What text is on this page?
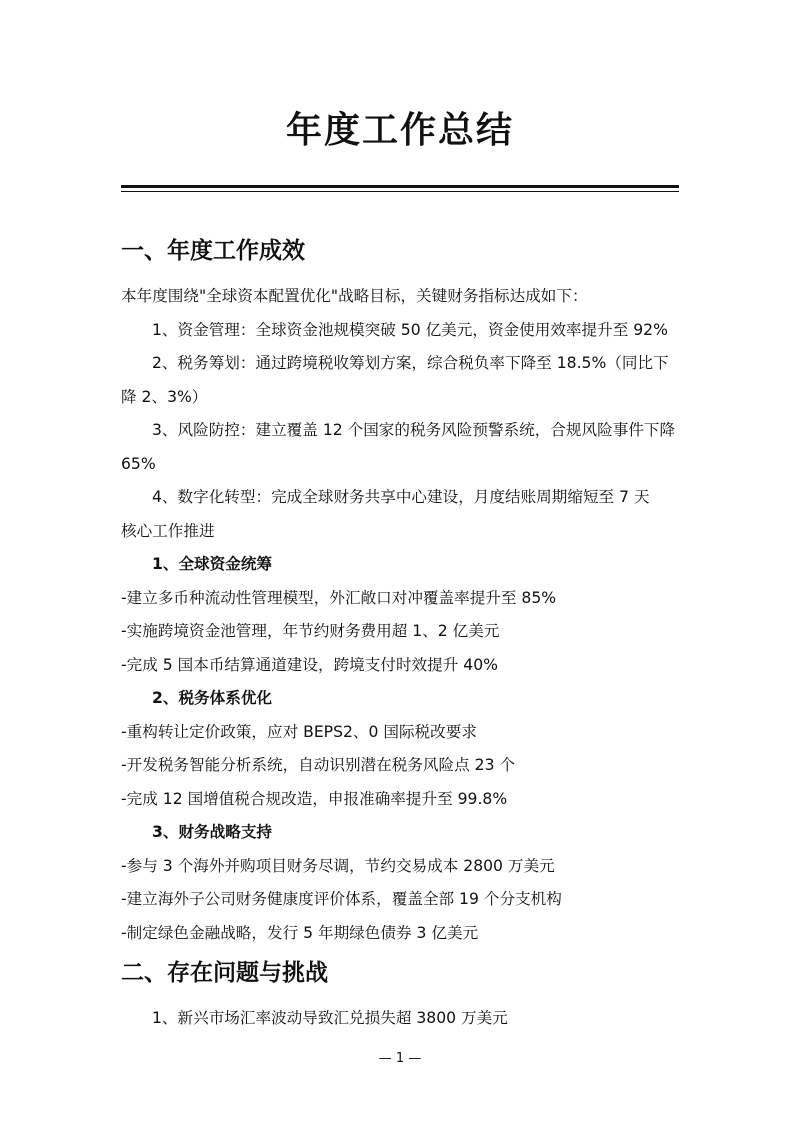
年度工作总结
一、年度工作成效

本年度围绕"全球资本配置优化"战略目标，关键财务指标达成如下：

1、资金管理：全球资金池规模突破 50 亿美元，资金使用效率提升至 92%

2、税务筹划：通过跨境税收筹划方案，综合税负率下降至 18.5%（同比下降 2、3%）

3、风险防控：建立覆盖 12 个国家的税务风险预警系统，合规风险事件下降 65%

4、数字化转型：完成全球财务共享中心建设，月度结账周期缩短至 7 天

核心工作推进

1、全球资金统筹

-建立多币种流动性管理模型，外汇敞口对冲覆盖率提升至 85%

-实施跨境资金池管理，年节约财务费用超 1、2 亿美元

-完成 5 国本币结算通道建设，跨境支付时效提升 40%

2、税务体系优化

-重构转让定价政策，应对 BEPS2、0 国际税改要求

-开发税务智能分析系统，自动识别潜在税务风险点 23 个

-完成 12 国增值税合规改造，申报准确率提升至 99.8%

3、财务战略支持

-参与 3 个海外并购项目财务尽调，节约交易成本 2800 万美元

-建立海外子公司财务健康度评价体系，覆盖全部 19 个分支机构

-制定绿色金融战略，发行 5 年期绿色债券 3 亿美元

二、存在问题与挑战

1、新兴市场汇率波动导致汇兑损失超 3800 万美元

— 1 —
